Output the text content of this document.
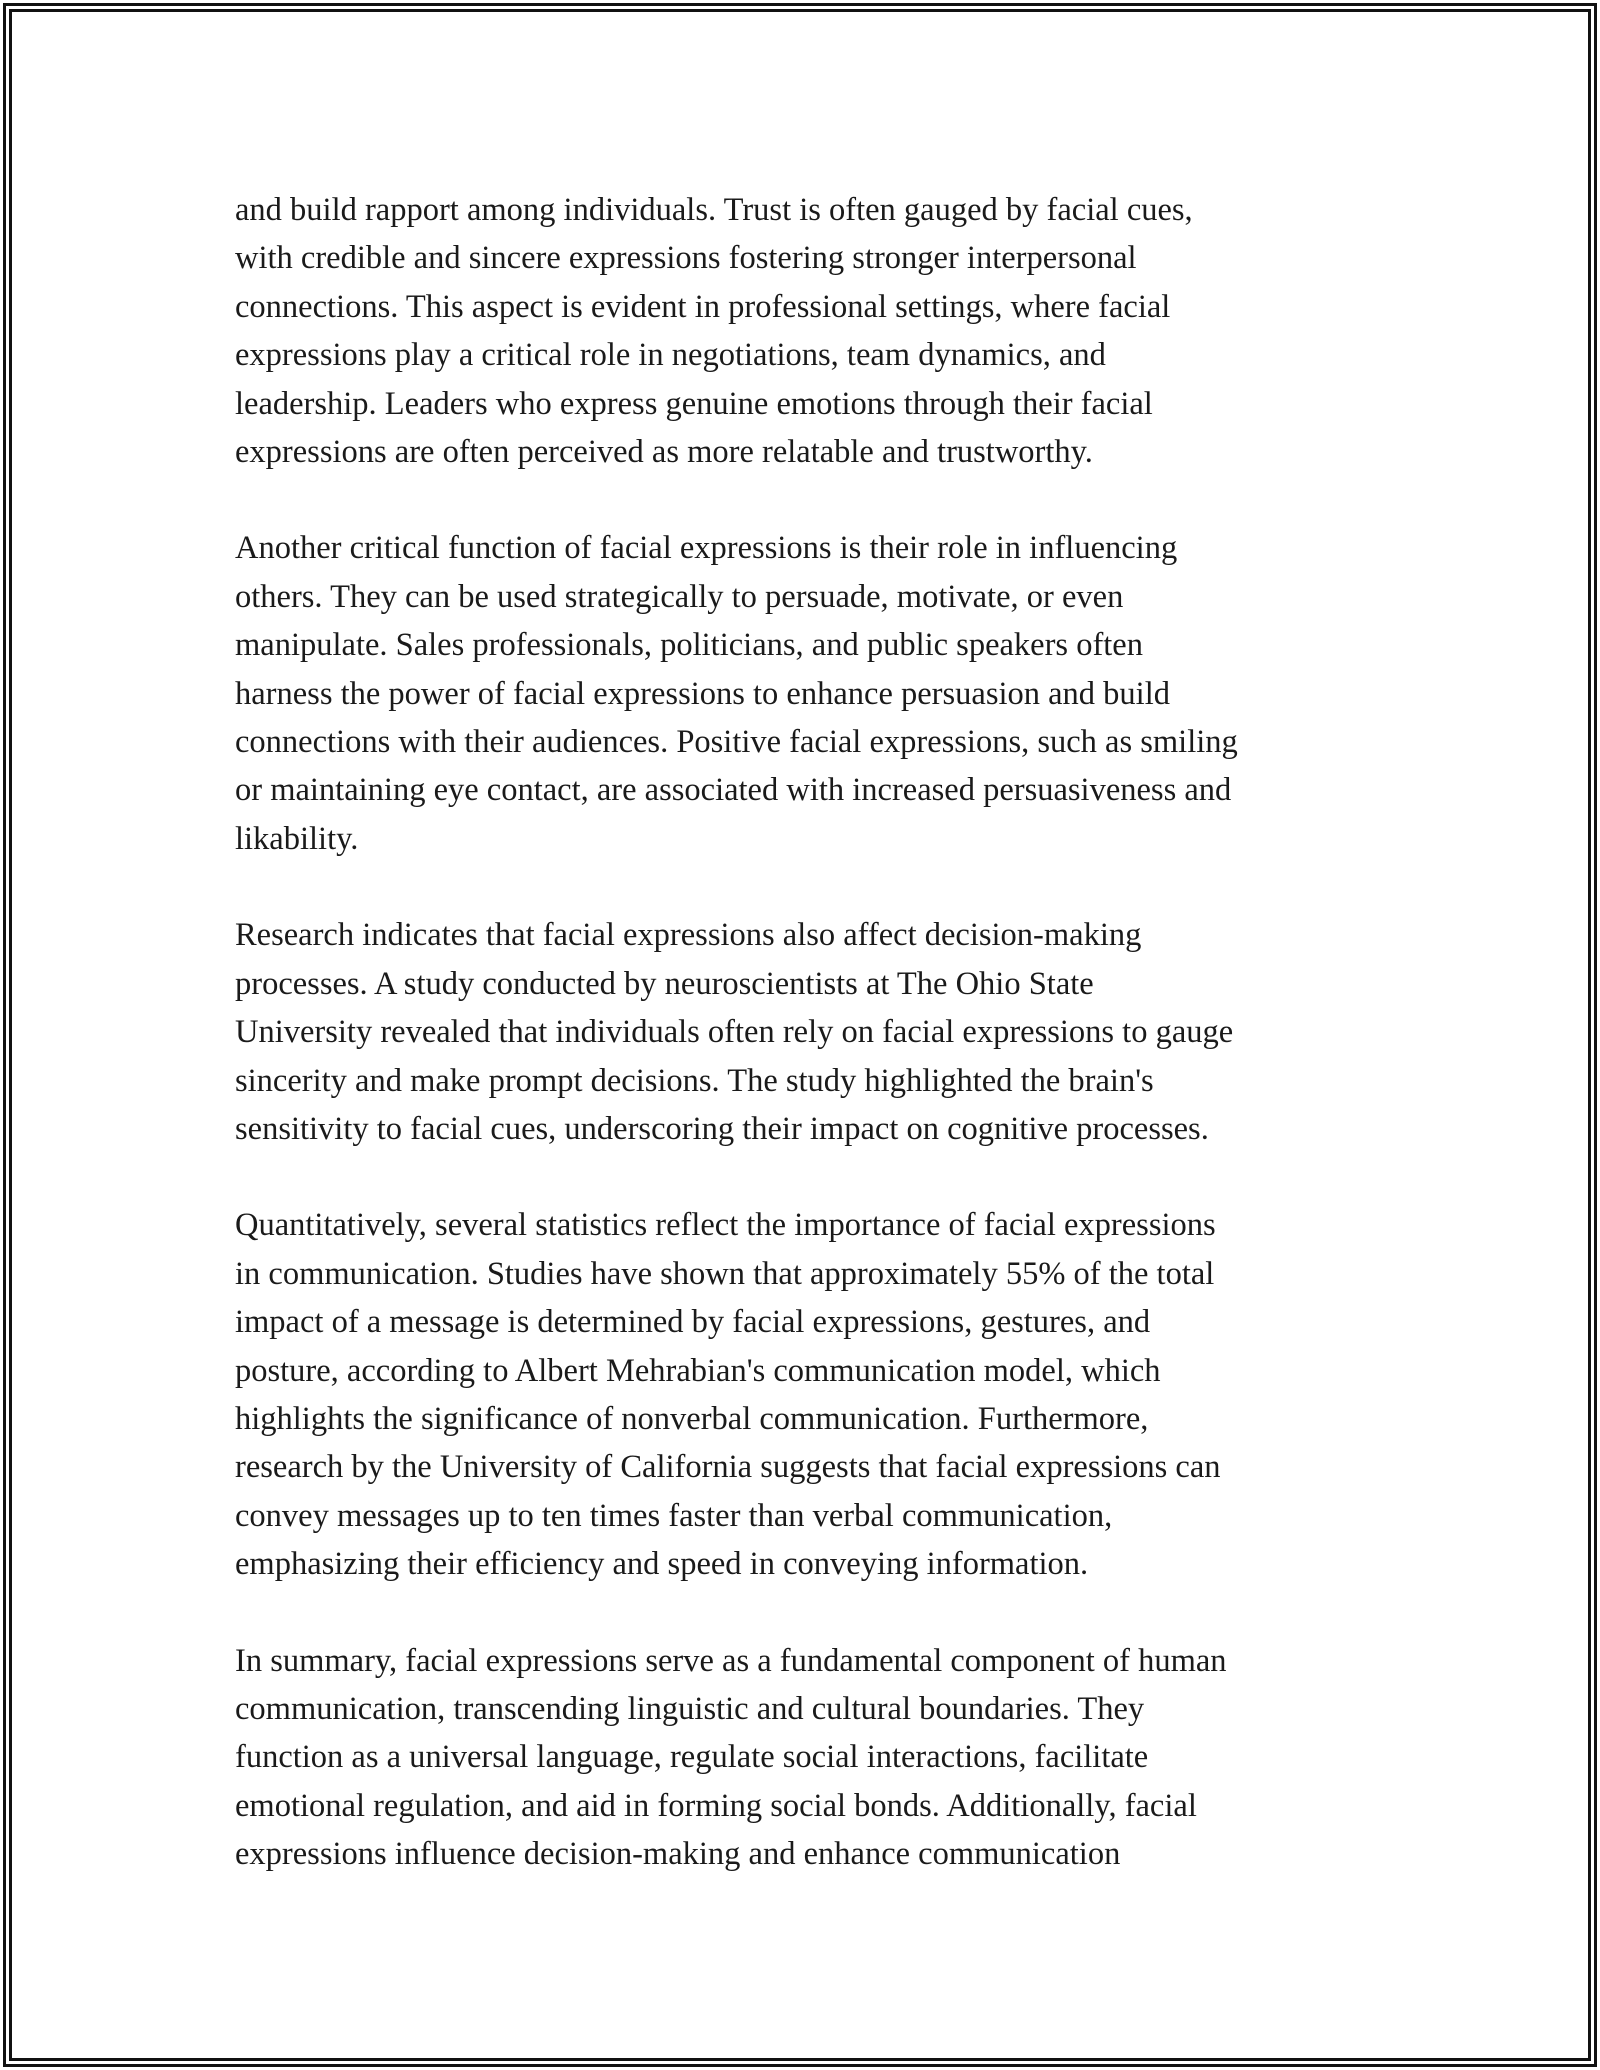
and build rapport among individuals. Trust is often gauged by facial cues,
with credible and sincere expressions fostering stronger interpersonal
connections. This aspect is evident in professional settings, where facial
expressions play a critical role in negotiations, team dynamics, and
leadership. Leaders who express genuine emotions through their facial
expressions are often perceived as more relatable and trustworthy.

Another critical function of facial expressions is their role in influencing
others. They can be used strategically to persuade, motivate, or even
manipulate. Sales professionals, politicians, and public speakers often
harness the power of facial expressions to enhance persuasion and build
connections with their audiences. Positive facial expressions, such as smiling
or maintaining eye contact, are associated with increased persuasiveness and
likability.

Research indicates that facial expressions also affect decision-making
processes. A study conducted by neuroscientists at The Ohio State
University revealed that individuals often rely on facial expressions to gauge
sincerity and make prompt decisions. The study highlighted the brain's
sensitivity to facial cues, underscoring their impact on cognitive processes.

Quantitatively, several statistics reflect the importance of facial expressions
in communication. Studies have shown that approximately 55% of the total
impact of a message is determined by facial expressions, gestures, and
posture, according to Albert Mehrabian's communication model, which
highlights the significance of nonverbal communication. Furthermore,
research by the University of California suggests that facial expressions can
convey messages up to ten times faster than verbal communication,
emphasizing their efficiency and speed in conveying information.

In summary, facial expressions serve as a fundamental component of human
communication, transcending linguistic and cultural boundaries. They
function as a universal language, regulate social interactions, facilitate
emotional regulation, and aid in forming social bonds. Additionally, facial
expressions influence decision-making and enhance communication
